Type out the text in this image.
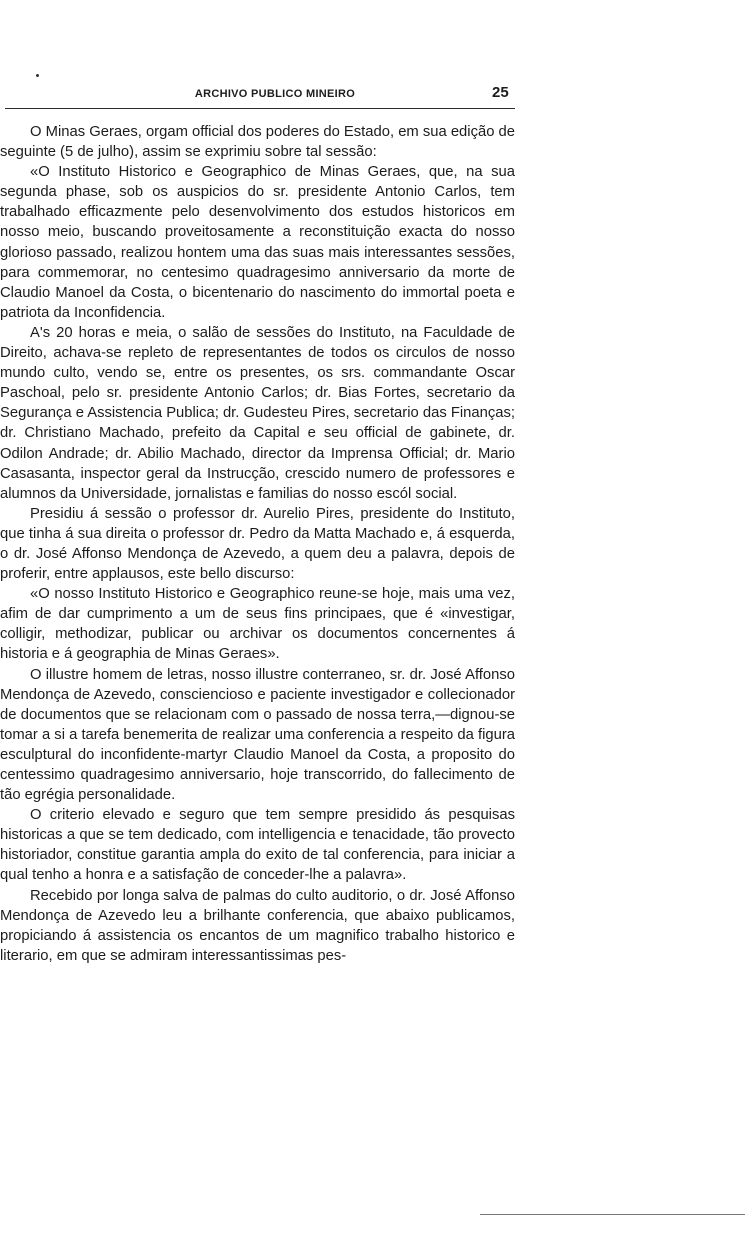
ARCHIVO PUBLICO MINEIRO	25

O Minas Geraes, orgam official dos poderes do Estado, em sua edição de seguinte (5 de julho), assim se exprimiu sobre tal sessão:

«O Instituto Historico e Geographico de Minas Geraes, que, na sua segunda phase, sob os auspicios do sr. presidente Antonio Carlos, tem trabalhado efficazmente pelo desenvolvimento dos estudos historicos em nosso meio, buscando proveitosamente a reconstituição exacta do nosso glorioso passado, realizou hontem uma das suas mais interessantes sessões, para commemorar, no centesimo quadragesimo anniversario da morte de Claudio Manoel da Costa, o bicentenario do nascimento do immortal poeta e patriota da Inconfidencia.

A's 20 horas e meia, o salão de sessões do Instituto, na Faculdade de Direito, achava-se repleto de representantes de todos os circulos de nosso mundo culto, vendo se, entre os presentes, os srs. commandante Oscar Paschoal, pelo sr. presidente Antonio Carlos; dr. Bias Fortes, secretario da Segurança e Assistencia Publica; dr. Gudesteu Pires, secretario das Finanças; dr. Christiano Machado, prefeito da Capital e seu official de gabinete, dr. Odilon Andrade; dr. Abilio Machado, director da Imprensa Official; dr. Mario Casasanta, inspector geral da Instrucção, crescido numero de professores e alumnos da Universidade, jornalistas e familias do nosso escól social.

Presidiu á sessão o professor dr. Aurelio Pires, presidente do Instituto, que tinha á sua direita o professor dr. Pedro da Matta Machado e, á esquerda, o dr. José Affonso Mendonça de Azevedo, a quem deu a palavra, depois de proferir, entre applausos, este bello discurso:

«O nosso Instituto Historico e Geographico reune-se hoje, mais uma vez, afim de dar cumprimento a um de seus fins principaes, que é «investigar, colligir, methodizar, publicar ou archivar os documentos concernentes á historia e á geographia de Minas Geraes».

O illustre homem de letras, nosso illustre conterraneo, sr. dr. José Affonso Mendonça de Azevedo, consciencioso e paciente investigador e collecionador de documentos que se relacionam com o passado de nossa terra,—dignou-se tomar a si a tarefa benemerita de realizar uma conferencia a respeito da figura esculptural do inconfidente-martyr Claudio Manoel da Costa, a proposito do centessimo quadragesimo anniversario, hoje transcorrido, do fallecimento de tão egrégia personalidade.

O criterio elevado e seguro que tem sempre presidido ás pesquisas historicas a que se tem dedicado, com intelligencia e tenacidade, tão provecto historiador, constitue garantia ampla do exito de tal conferencia, para iniciar a qual tenho a honra e a satisfação de conceder-lhe a palavra».

Recebido por longa salva de palmas do culto auditorio, o dr. José Affonso Mendonça de Azevedo leu a brilhante conferencia, que abaixo publicamos, propiciando á assistencia os encantos de um magnifico trabalho historico e literario, em que se admiram interessantissimas pes-
